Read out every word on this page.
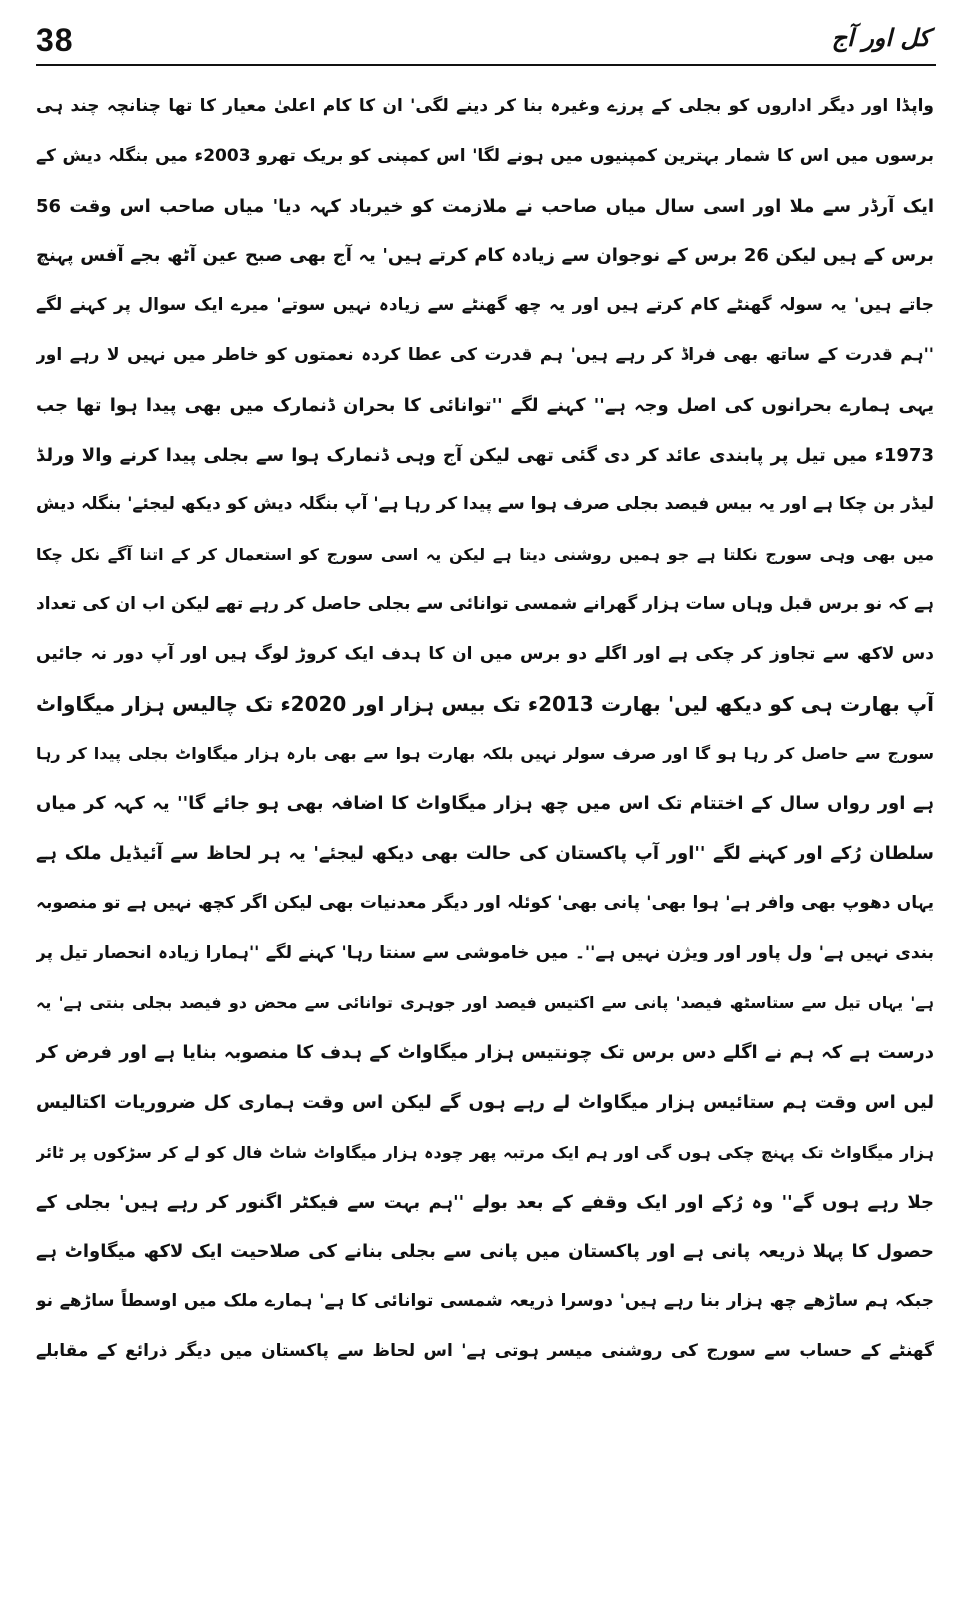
38	کل اور آج
واپڈا اور دیگر اداروں کو بجلی کے پرزے وغیرہ بنا کر دینے لگی' ان کا کام اعلیٰ معیار کا تھا چنانچہ چند ہی
برسوں میں اس کا شمار بہترین کمپنیوں میں ہونے لگا' اس کمپنی کو بریک تھرو 2003ء میں بنگلہ دیش کے
ایک آرڈر سے ملا اور اسی سال میاں صاحب نے ملازمت کو خیرباد کہہ دیا' میاں صاحب اس وقت 56
برس کے ہیں لیکن 26 برس کے نوجوان سے زیادہ کام کرتے ہیں' یہ آج بھی صبح عین آٹھ بجے آفس پہنچ
جاتے ہیں' یہ سولہ گھنٹے کام کرتے ہیں اور یہ چھ گھنٹے سے زیادہ نہیں سوتے' میرے ایک سوال پر کہنے لگے
''ہم قدرت کے ساتھ بھی فراڈ کر رہے ہیں' ہم قدرت کی عطا کردہ نعمتوں کو خاطر میں نہیں لا رہے اور
یہی ہمارے بحرانوں کی اصل وجہ ہے'' کہنے لگے ''توانائی کا بحران ڈنمارک میں بھی پیدا ہوا تھا جب
1973ء میں تیل پر پابندی عائد کر دی گئی تھی لیکن آج وہی ڈنمارک ہوا سے بجلی پیدا کرنے والا ورلڈ
لیڈر بن چکا ہے اور یہ بیس فیصد بجلی صرف ہوا سے پیدا کر رہا ہے' آپ بنگلہ دیش کو دیکھ لیجئے' بنگلہ دیش
میں بھی وہی سورج نکلتا ہے جو ہمیں روشنی دیتا ہے لیکن یہ اسی سورج کو استعمال کر کے اتنا آگے نکل چکا
ہے کہ نو برس قبل وہاں سات ہزار گھرانے شمسی توانائی سے بجلی حاصل کر رہے تھے لیکن اب ان کی تعداد
دس لاکھ سے تجاوز کر چکی ہے اور اگلے دو برس میں ان کا ہدف ایک کروڑ لوگ ہیں اور آپ دور نہ جائیں
آپ بھارت ہی کو دیکھ لیں' بھارت 2013ء تک بیس ہزار اور 2020ء تک چالیس ہزار میگاواٹ
سورج سے حاصل کر رہا ہو گا اور صرف سولر نہیں بلکہ بھارت ہوا سے بھی بارہ ہزار میگاواٹ بجلی پیدا کر رہا
ہے اور رواں سال کے اختتام تک اس میں چھ ہزار میگاواٹ کا اضافہ بھی ہو جائے گا'' یہ کہہ کر میاں
سلطان رُکے اور کہنے لگے ''اور آپ پاکستان کی حالت بھی دیکھ لیجئے' یہ ہر لحاظ سے آئیڈیل ملک ہے
یہاں دھوپ بھی وافر ہے' ہوا بھی' پانی بھی' کوئلہ اور دیگر معدنیات بھی لیکن اگر کچھ نہیں ہے تو منصوبہ
بندی نہیں ہے' ول پاور اور ویژن نہیں ہے''۔ میں خاموشی سے سنتا رہا' کہنے لگے ''ہمارا زیادہ انحصار تیل پر
ہے' یہاں تیل سے ستاسٹھ فیصد' پانی سے اکتیس فیصد اور جوہری توانائی سے محض دو فیصد بجلی بنتی ہے' یہ
درست ہے کہ ہم نے اگلے دس برس تک چونتیس ہزار میگاواٹ کے ہدف کا منصوبہ بنایا ہے اور فرض کر
لیں اس وقت ہم ستائیس ہزار میگاواٹ لے رہے ہوں گے لیکن اس وقت ہماری کل ضروریات اکتالیس
ہزار میگاواٹ تک پہنچ چکی ہوں گی اور ہم ایک مرتبہ پھر چودہ ہزار میگاواٹ شاٹ فال کو لے کر سڑکوں پر ٹائر
جلا رہے ہوں گے'' وہ رُکے اور ایک وقفے کے بعد بولے ''ہم بہت سے فیکٹر اگنور کر رہے ہیں' بجلی کے
حصول کا پہلا ذریعہ پانی ہے اور پاکستان میں پانی سے بجلی بنانے کی صلاحیت ایک لاکھ میگاواٹ ہے
جبکہ ہم ساڑھے چھ ہزار بنا رہے ہیں' دوسرا ذریعہ شمسی توانائی کا ہے' ہمارے ملک میں اوسطاً ساڑھے نو
گھنٹے کے حساب سے سورج کی روشنی میسر ہوتی ہے' اس لحاظ سے پاکستان میں دیگر ذرائع کے مقابلے
